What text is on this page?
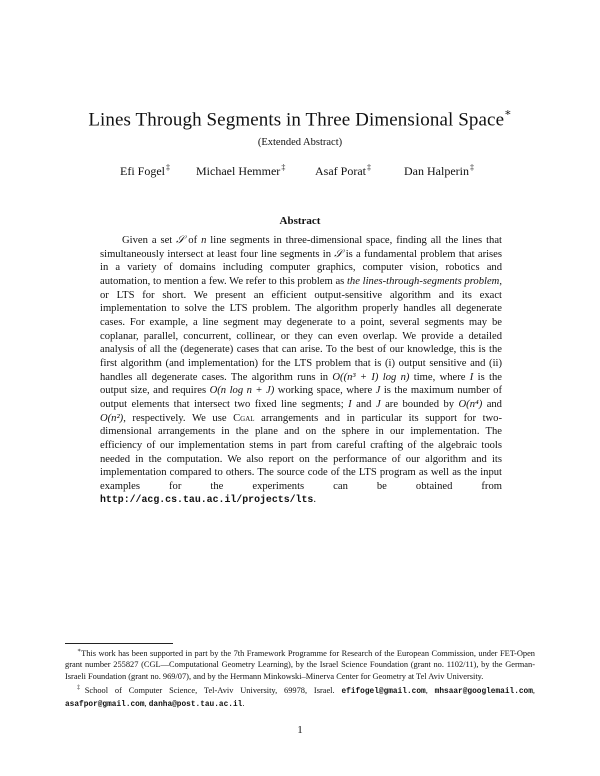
Lines Through Segments in Three Dimensional Space∗
(Extended Abstract)
Efi Fogel‡ Michael Hemmer‡ Asaf Porat‡	Dan Halperin‡
Abstract

Given a set 𝒮 of n line segments in three-dimensional space, finding all the lines that simultaneously intersect at least four line segments in 𝒮 is a fundamental problem that arises in a variety of domains including computer graphics, computer vision, robotics and automation, to mention a few. We refer to this problem as the lines-through-segments problem, or LTS for short. We present an efficient output-sensitive algorithm and its exact implementation to solve the LTS problem. The algorithm properly handles all degenerate cases. For example, a line segment may degenerate to a point, several segments may be coplanar, parallel, concurrent, collinear, or they can even overlap. We provide a detailed analysis of all the (degenerate) cases that can arise. To the best of our knowledge, this is the first algorithm (and implementation) for the LTS problem that is (i) output sensitive and (ii) handles all degenerate cases. The algorithm runs in O((n³ + I) log n) time, where I is the output size, and requires O(n log n + J) working space, where J is the maximum number of output elements that intersect two fixed line segments; I and J are bounded by O(n⁴) and O(n²), respectively. We use Cgal arrangements and in particular its support for two-dimensional arrangements in the plane and on the sphere in our implementation. The efficiency of our implementation stems in part from careful crafting of the algebraic tools needed in the computation. We also report on the performance of our algorithm and its implementation compared to others. The source code of the LTS program as well as the input examples for the experiments can be obtained from http://acg.cs.tau.ac.il/projects/lts.

∗This work has been supported in part by the 7th Framework Programme for Research of the European Commission, under FET-Open grant number 255827 (CGL—Computational Geometry Learning), by the Israel Science Foundation (grant no. 1102/11), by the German-Israeli Foundation (grant no. 969/07), and by the Hermann Minkowski–Minerva Center for Geometry at Tel Aviv University.

‡School of Computer Science, Tel-Aviv University, 69978, Israel. efifogel@gmail.com, mhsaar@googlemail.com, asafpor@gmail.com, danha@post.tau.ac.il.

1
